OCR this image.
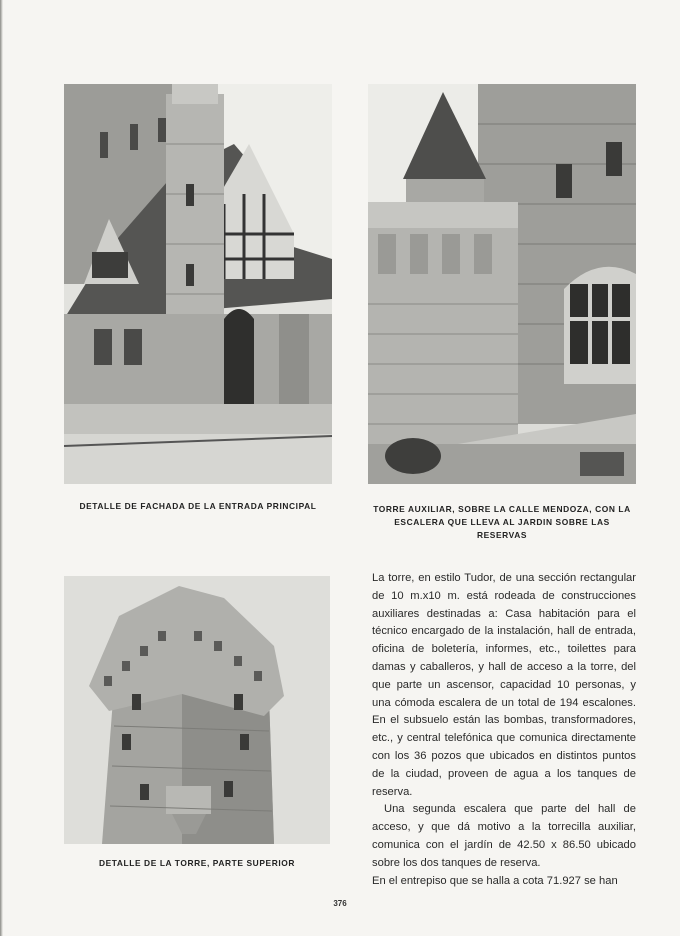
DETALLE DE FACHADA DE LA ENTRADA PRINCIPAL	TORRE AUXILIAR, SOBRE LA CALLE MENDOZA, CON LA ESCALERA QUE LLEVA AL JARDIN SOBRE LAS RESERVAS
DETALLE DE LA TORRE, PARTE SUPERIOR

La torre, en estilo Tudor, de una sección rectangular de 10 m.x10 m. está rodeada de construcciones auxiliares destinadas a: Casa habitación para el técnico encargado de la instalación, hall de entrada, oficina de boletería, informes, etc., toilettes para damas y caballeros, y hall de acceso a la torre, del que parte un ascensor, capacidad 10 personas, y una cómoda escalera de un total de 194 escalones. En el subsuelo están las bombas, transformadores, etc., y central telefónica que comunica directamente con los 36 pozos que ubicados en distintos puntos de la ciudad, proveen de agua a los tanques de reserva.

Una segunda escalera que parte del hall de acceso, y que dá motivo a la torrecilla auxiliar, comunica con el jardín de 42.50 x 86.50 ubicado sobre los dos tanques de reserva.

En el entrepiso que se halla a cota 71.927 se han

376
